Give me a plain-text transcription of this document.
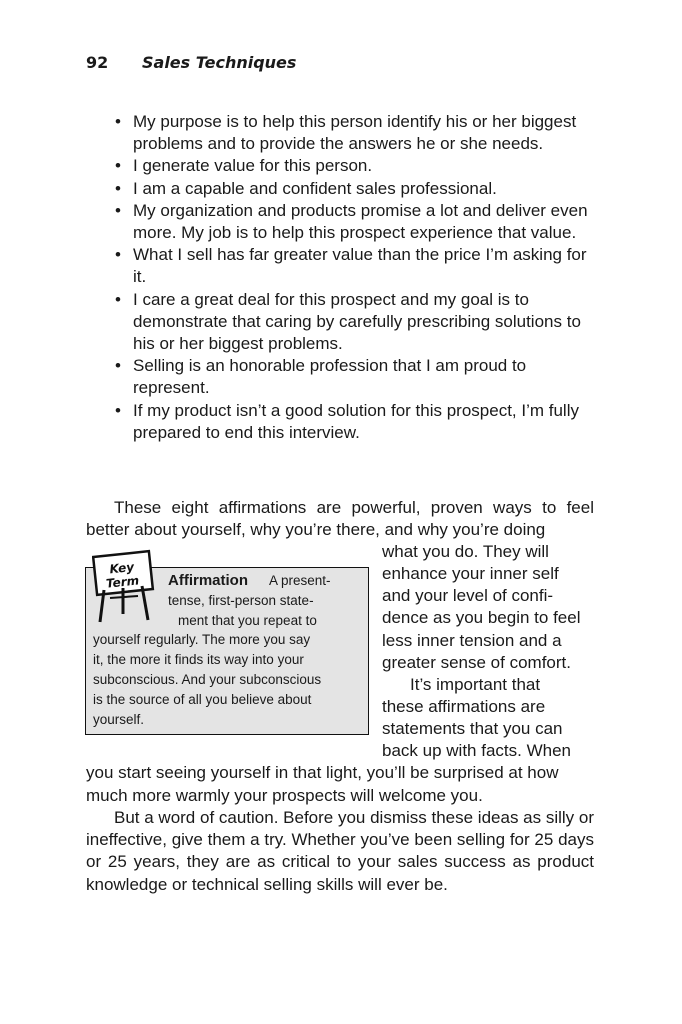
92 Sales Techniques
• My purpose is to help this person identify his or her biggest problems and to provide the answers he or she needs.
• I generate value for this person.
• I am a capable and confident sales professional.
• My organization and products promise a lot and deliver even more. My job is to help this prospect experience that value.
• What I sell has far greater value than the price I’m asking for it.
• I care a great deal for this prospect and my goal is to demonstrate that caring by carefully prescribing solutions to his or her biggest problems.
• Selling is an honorable profession that I am proud to represent.
• If my product isn’t a good solution for this prospect, I’m fully prepared to end this interview.

These eight affirmations are powerful, proven ways to feel better about yourself, why you’re there, and why you’re doing

what you do. They will

enhance your inner self

and your level of confi-

dence as you begin to feel

less inner tension and a

greater sense of comfort.

It’s important that

these affirmations are

statements that you can

back up with facts. When

you start seeing yourself in that light, you’ll be surprised at how

much more warmly your prospects will welcome you.

But a word of caution. Before you dismiss these ideas as silly or ineffective, give them a try. Whether you’ve been selling for 25 days or 25 years, they are as critical to your sales success as product knowledge or technical selling skills will ever be.

Key
Term Affirmation A present-
tense, first-person state-
ment that you repeat to
yourself regularly. The more you say
it, the more it finds its way into your
subconscious. And your subconscious
is the source of all you believe about
yourself.
